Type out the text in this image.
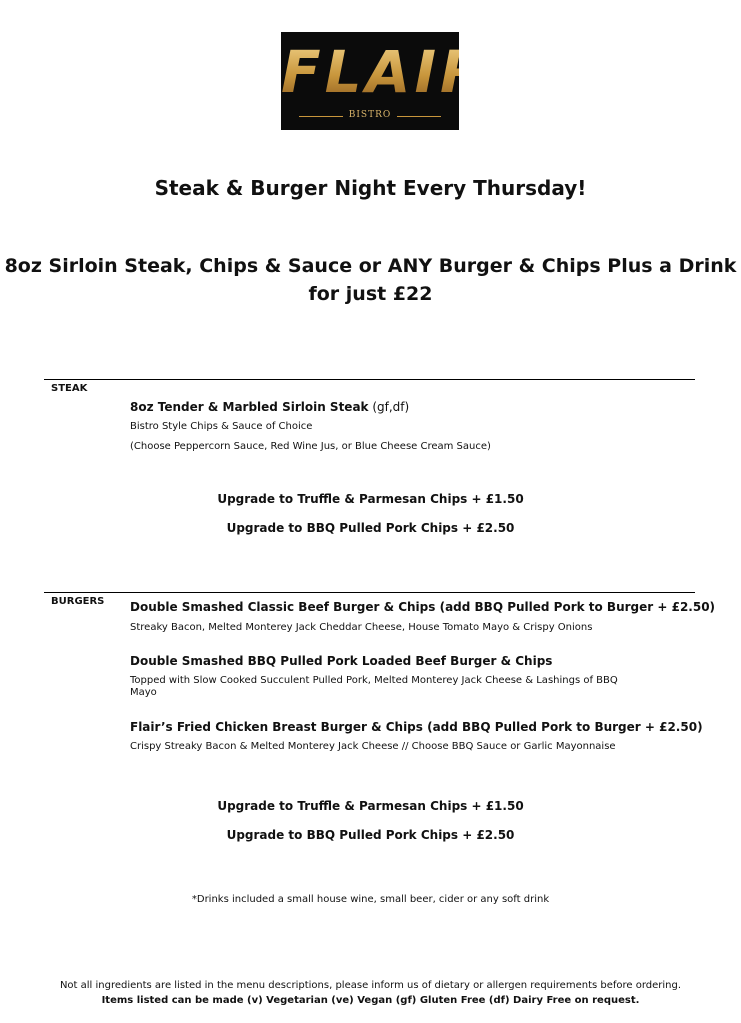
FLAIR
BISTRO
Steak & Burger Night Every Thursday!
8oz Sirloin Steak, Chips & Sauce or ANY Burger & Chips Plus a Drink
for just £22
STEAK
8oz Tender & Marbled Sirloin Steak (gf,df)
Bistro Style Chips & Sauce of Choice
(Choose Peppercorn Sauce, Red Wine Jus, or Blue Cheese Cream Sauce)
Upgrade to Truffle & Parmesan Chips + £1.50
Upgrade to BBQ Pulled Pork Chips + £2.50
BURGERS Double Smashed Classic Beef Burger & Chips (add BBQ Pulled Pork to Burger + £2.50)
Streaky Bacon, Melted Monterey Jack Cheddar Cheese, House Tomato Mayo & Crispy Onions
Double Smashed BBQ Pulled Pork Loaded Beef Burger & Chips
Topped with Slow Cooked Succulent Pulled Pork, Melted Monterey Jack Cheese & Lashings of BBQ Mayo
Flair’s Fried Chicken Breast Burger & Chips (add BBQ Pulled Pork to Burger + £2.50)
Crispy Streaky Bacon & Melted Monterey Jack Cheese // Choose BBQ Sauce or Garlic Mayonnaise
Upgrade to Truffle & Parmesan Chips + £1.50
Upgrade to BBQ Pulled Pork Chips + £2.50
*Drinks included a small house wine, small beer, cider or any soft drink
Not all ingredients are listed in the menu descriptions, please inform us of dietary or allergen requirements before ordering.
Items listed can be made (v) Vegetarian (ve) Vegan (gf) Gluten Free (df) Dairy Free on request.
